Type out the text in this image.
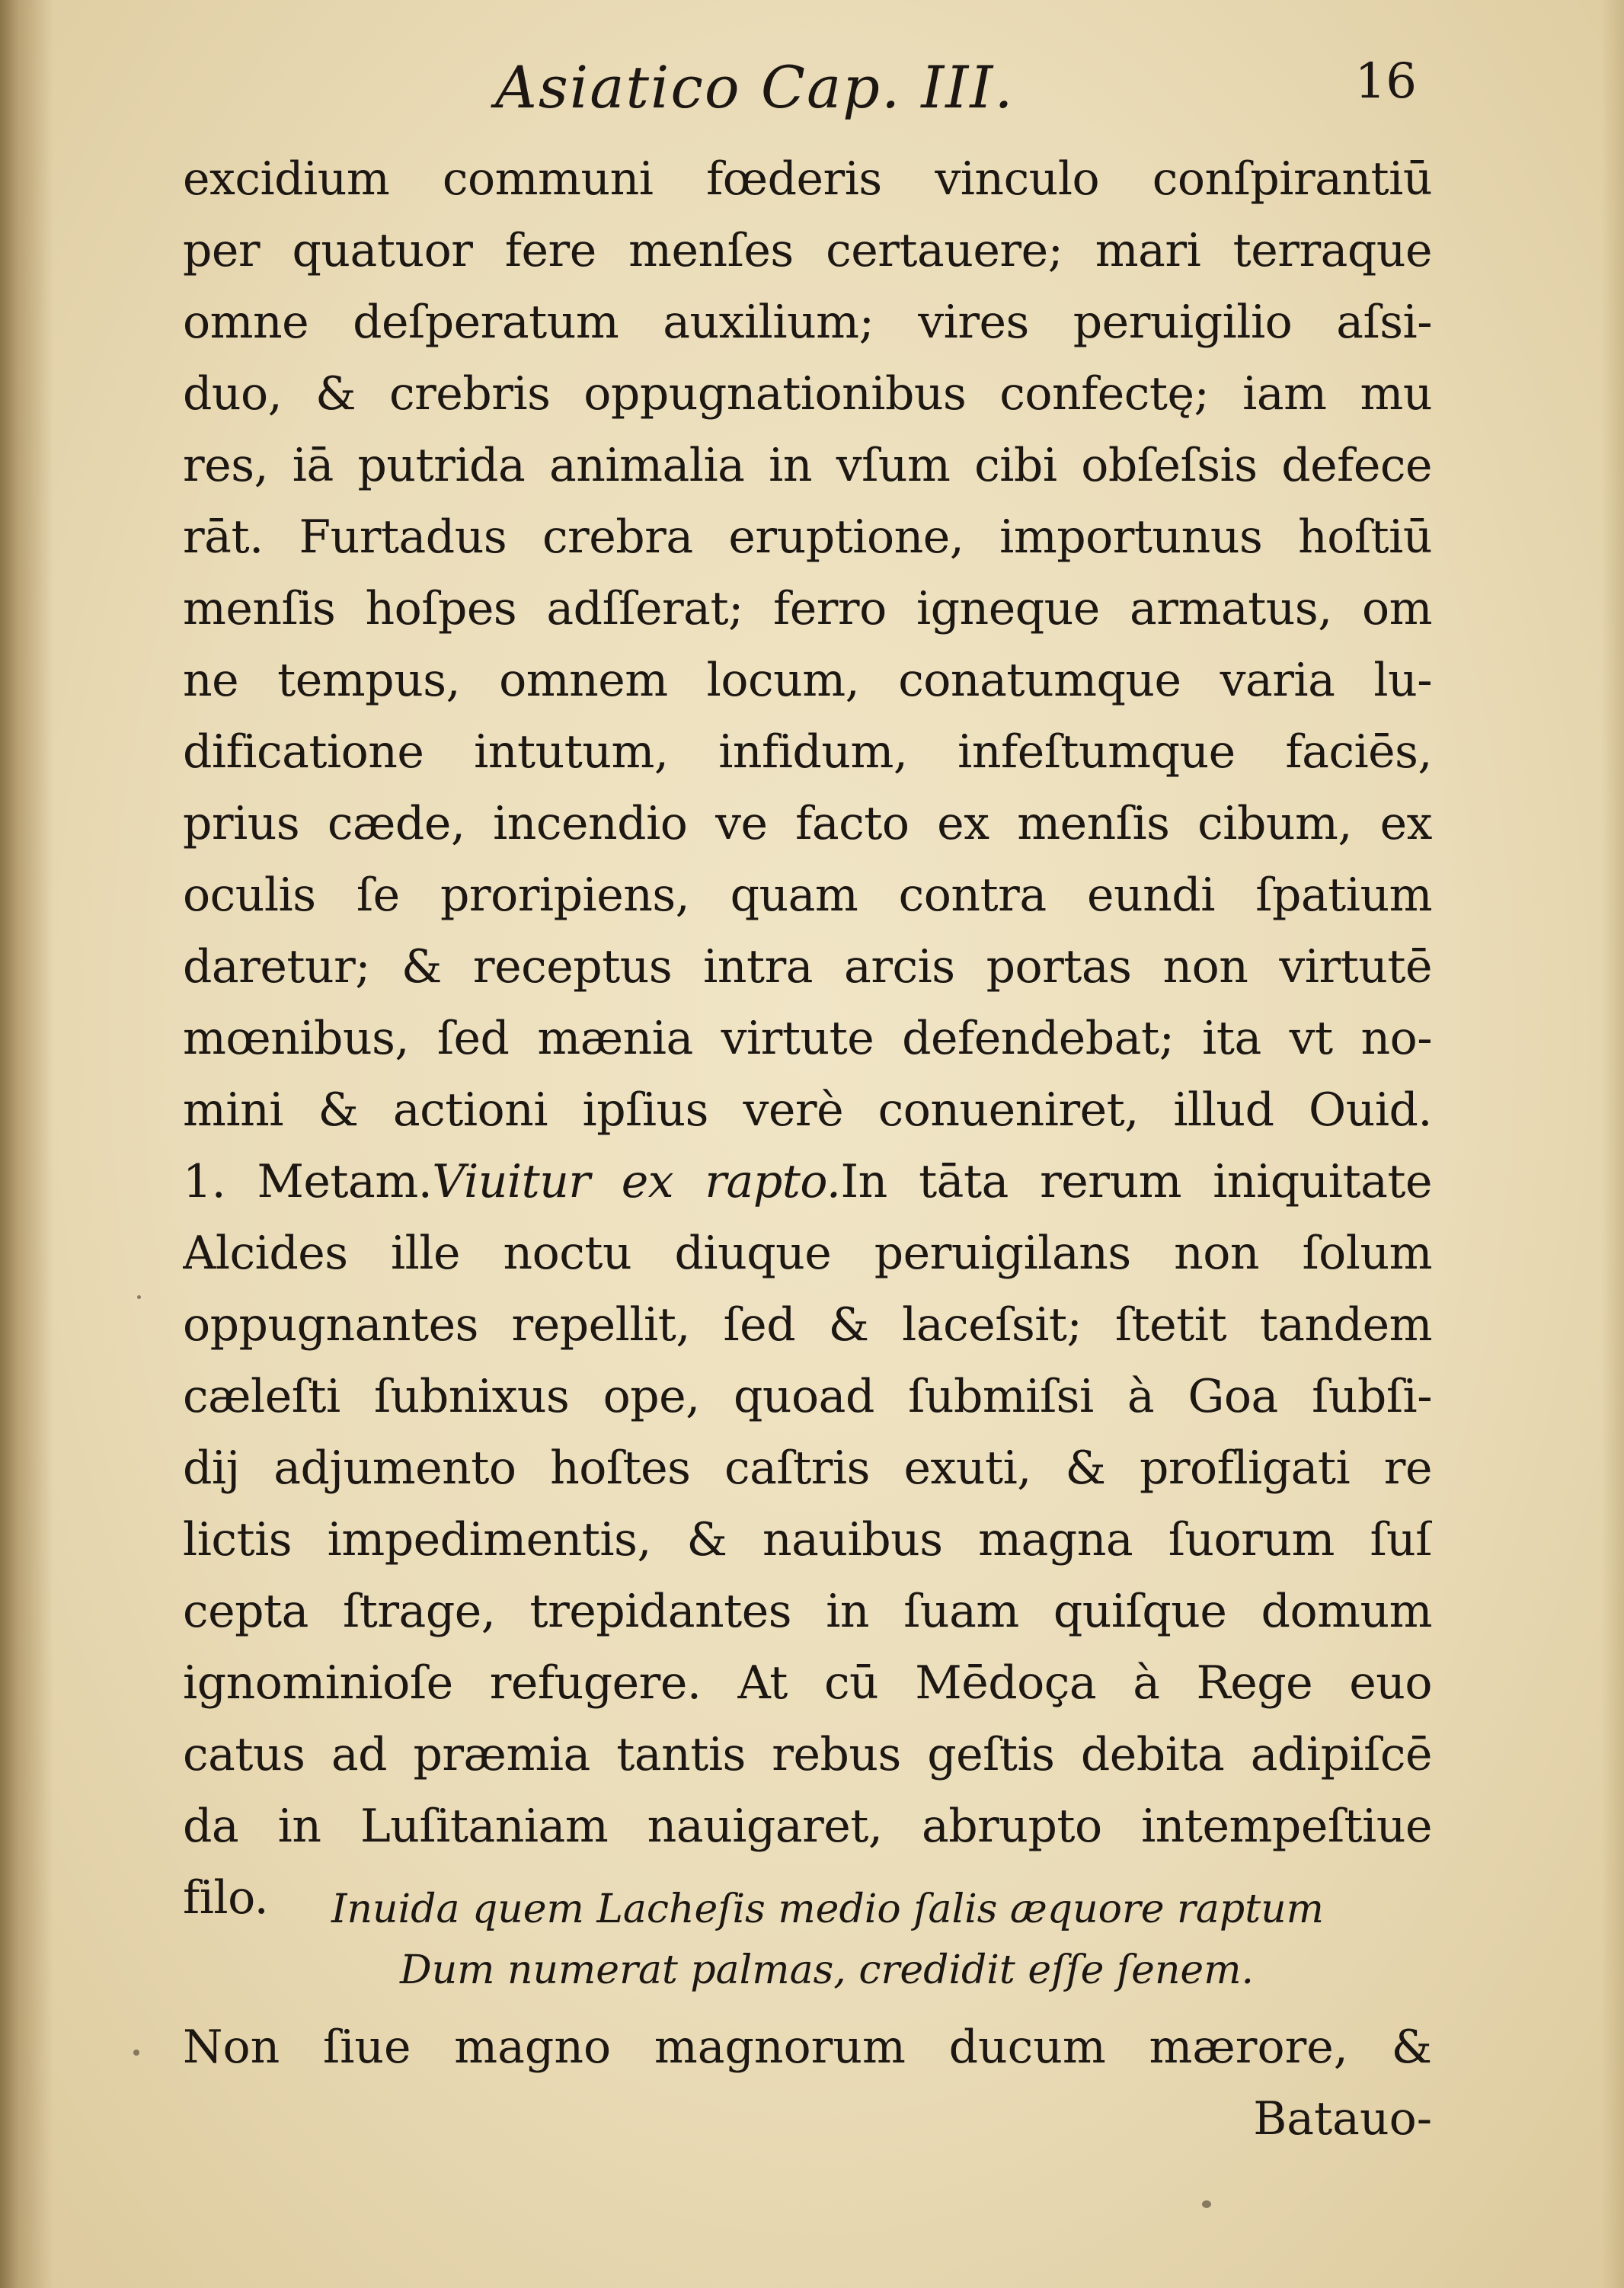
Asiatico Cap. III.	16
excidium communi fœderis vinculo conſpirantiū
per quatuor fere menſes certauere; mari terraque
omne deſperatum auxilium; vires peruigilio aſsi-
duo, & crebris oppugnationibus confectę; iam mu
res, iā putrida animalia in vſum cibi obſeſsis defece
rāt. Furtadus crebra eruptione, importunus hoſtiū
menſis hoſpes adſſerat; ferro igneque armatus, om
ne tempus, omnem locum, conatumque varia lu-
dificatione intutum, infidum, infeſtumque faciēs,
prius cæde, incendio ve facto ex menſis cibum, ex
oculis ſe proripiens, quam contra eundi ſpatium
daretur; & receptus intra arcis portas non virtutē
mœnibus, ſed mænia virtute defendebat; ita vt no-
mini & actioni ipſius verè conueniret, illud Ouid.
1. Metam.Viuitur ex rapto.In tāta rerum iniquitate
Alcides ille noctu diuque peruigilans non ſolum
oppugnantes repellit, ſed & laceſsit; ſtetit tandem
cæleſti ſubnixus ope, quoad ſubmiſsi à Goa ſubſi-
dij adjumento hoſtes caſtris exuti, & profligati re
lictis impedimentis, & nauibus magna ſuorum ſuſ
cepta ſtrage, trepidantes in ſuam quiſque domum
ignominioſe refugere. At cū Mēdoça à Rege euo
catus ad præmia tantis rebus geſtis debita adipiſcē
da in Luſitaniam nauigaret, abrupto intempeſtiue
filo.	Inuida quem Lacheſis medio ſalis æquore raptum
Dum numerat palmas, credidit eſſe ſenem.
Non ſiue magno magnorum ducum mærore, &
Batauo-
